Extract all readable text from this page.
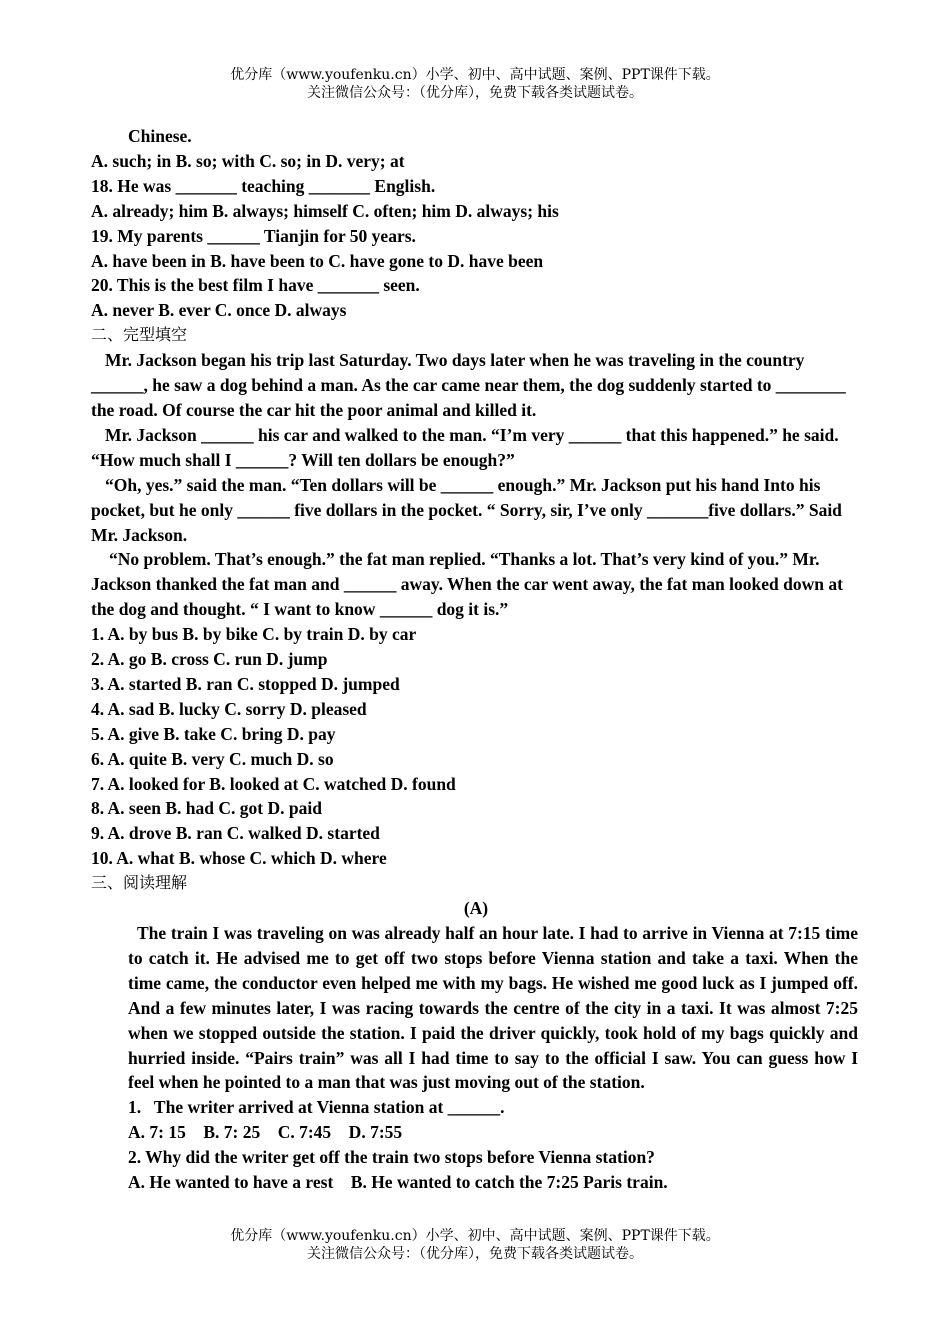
优分库（www.youfenku.cn）小学、初中、高中试题、案例、PPT课件下载。
关注微信公众号：（优分库），免费下载各类试题试卷。
Chinese.
A. such; in B. so; with C. so; in D. very; at
18. He was _______ teaching _______ English.
A. already; him B. always; himself C. often; him D. always; his
19. My parents ______ Tianjin for 50 years.
A. have been in B. have been to C. have gone to D. have been
20. This is the best film I have _______ seen.
A. never B. ever C. once D. always
二、完型填空

Mr. Jackson began his trip last Saturday. Two days later when he was traveling in the country ______, he saw a dog behind a man. As the car came near them, the dog suddenly started to ________ the road. Of course the car hit the poor animal and killed it.

Mr. Jackson ______ his car and walked to the man. “I’m very ______ that this happened.” he said. “How much shall I ______? Will ten dollars be enough?”

“Oh, yes.” said the man. “Ten dollars will be ______ enough.” Mr. Jackson put his hand Into his pocket, but he only ______ five dollars in the pocket. “ Sorry, sir, I’ve only _______five dollars.” Said Mr. Jackson.

“No problem. That’s enough.” the fat man replied. “Thanks a lot. That’s very kind of you.” Mr. Jackson thanked the fat man and ______ away. When the car went away, the fat man looked down at the dog and thought. “ I want to know ______ dog it is.”

1. A. by bus B. by bike C. by train D. by car
2. A. go B. cross C. run D. jump
3. A. started B. ran C. stopped D. jumped
4. A. sad B. lucky C. sorry D. pleased
5. A. give B. take C. bring D. pay
6. A. quite B. very C. much D. so
7. A. looked for B. looked at C. watched D. found
8. A. seen B. had C. got D. paid
9. A. drove B. ran C. walked D. started
10. A. what B. whose C. which D. where
三、阅读理解
(A)
The train I was traveling on was already half an hour late. I had to arrive in Vienna at 7:15 time to catch it. He advised me to get off two stops before Vienna station and take a taxi. When the time came, the conductor even helped me with my bags. He wished me good luck as I jumped off. And a few minutes later, I was racing towards the centre of the city in a taxi. It was almost 7:25 when we stopped outside the station. I paid the driver quickly, took hold of my bags quickly and hurried inside. “Pairs train” was all I had time to say to the official I saw. You can guess how I feel when he pointed to a man that was just moving out of the station.
1.   The writer arrived at Vienna station at ______.
A. 7: 15    B. 7: 25    C. 7:45    D. 7:55
2. Why did the writer get off the train two stops before Vienna station?
A. He wanted to have a rest    B. He wanted to catch the 7:25 Paris train.
优分库（www.youfenku.cn）小学、初中、高中试题、案例、PPT课件下载。
关注微信公众号：（优分库），免费下载各类试题试卷。
